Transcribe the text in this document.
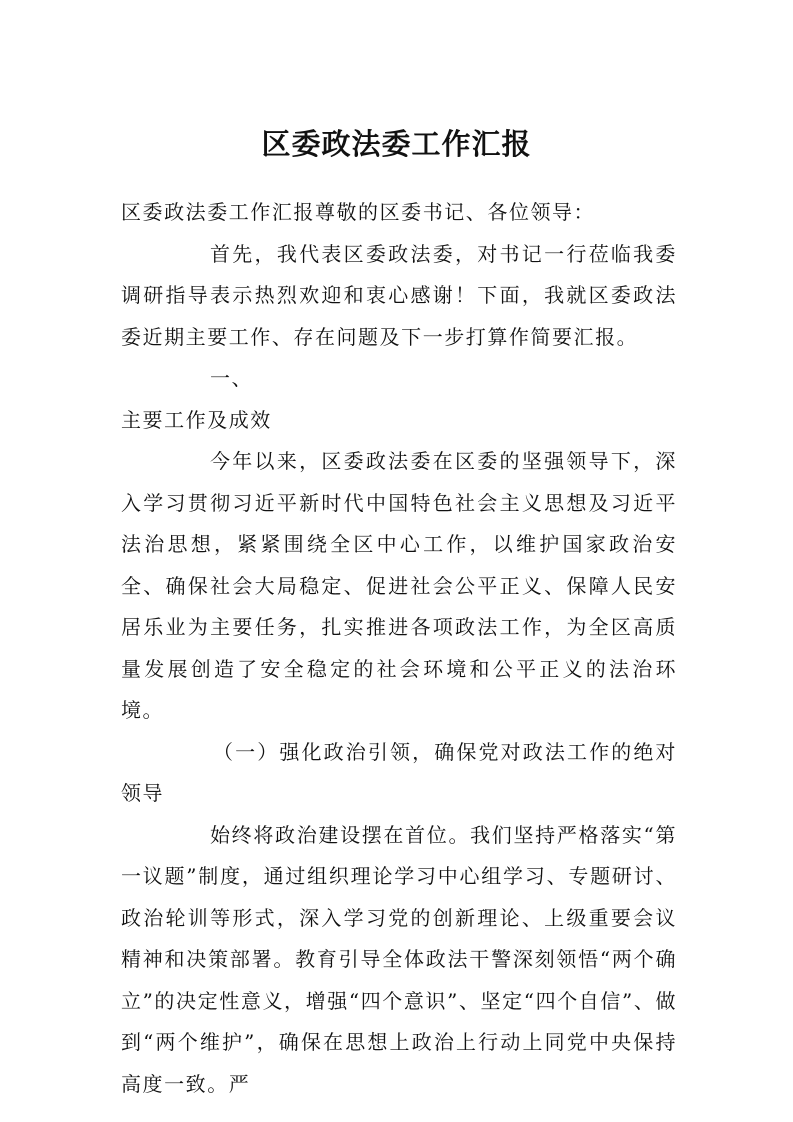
区委政法委工作汇报

区委政法委工作汇报尊敬的区委书记、各位领导：

首先，我代表区委政法委，对书记一行莅临我委调研指导表示热烈欢迎和衷心感谢！下面，我就区委政法委近期主要工作、存在问题及下一步打算作简要汇报。

一、

主要工作及成效

今年以来，区委政法委在区委的坚强领导下，深入学习贯彻习近平新时代中国特色社会主义思想及习近平法治思想，紧紧围绕全区中心工作，以维护国家政治安全、确保社会大局稳定、促进社会公平正义、保障人民安居乐业为主要任务，扎实推进各项政法工作，为全区高质量发展创造了安全稳定的社会环境和公平正义的法治环境。

（一）强化政治引领，确保党对政法工作的绝对领导

始终将政治建设摆在首位。我们坚持严格落实“第一议题”制度，通过组织理论学习中心组学习、专题研讨、政治轮训等形式，深入学习党的创新理论、上级重要会议精神和决策部署。教育引导全体政法干警深刻领悟“两个确立”的决定性意义，增强“四个意识”、坚定“四个自信”、做到“两个维护”，确保在思想上政治上行动上同党中央保持高度一致。严
